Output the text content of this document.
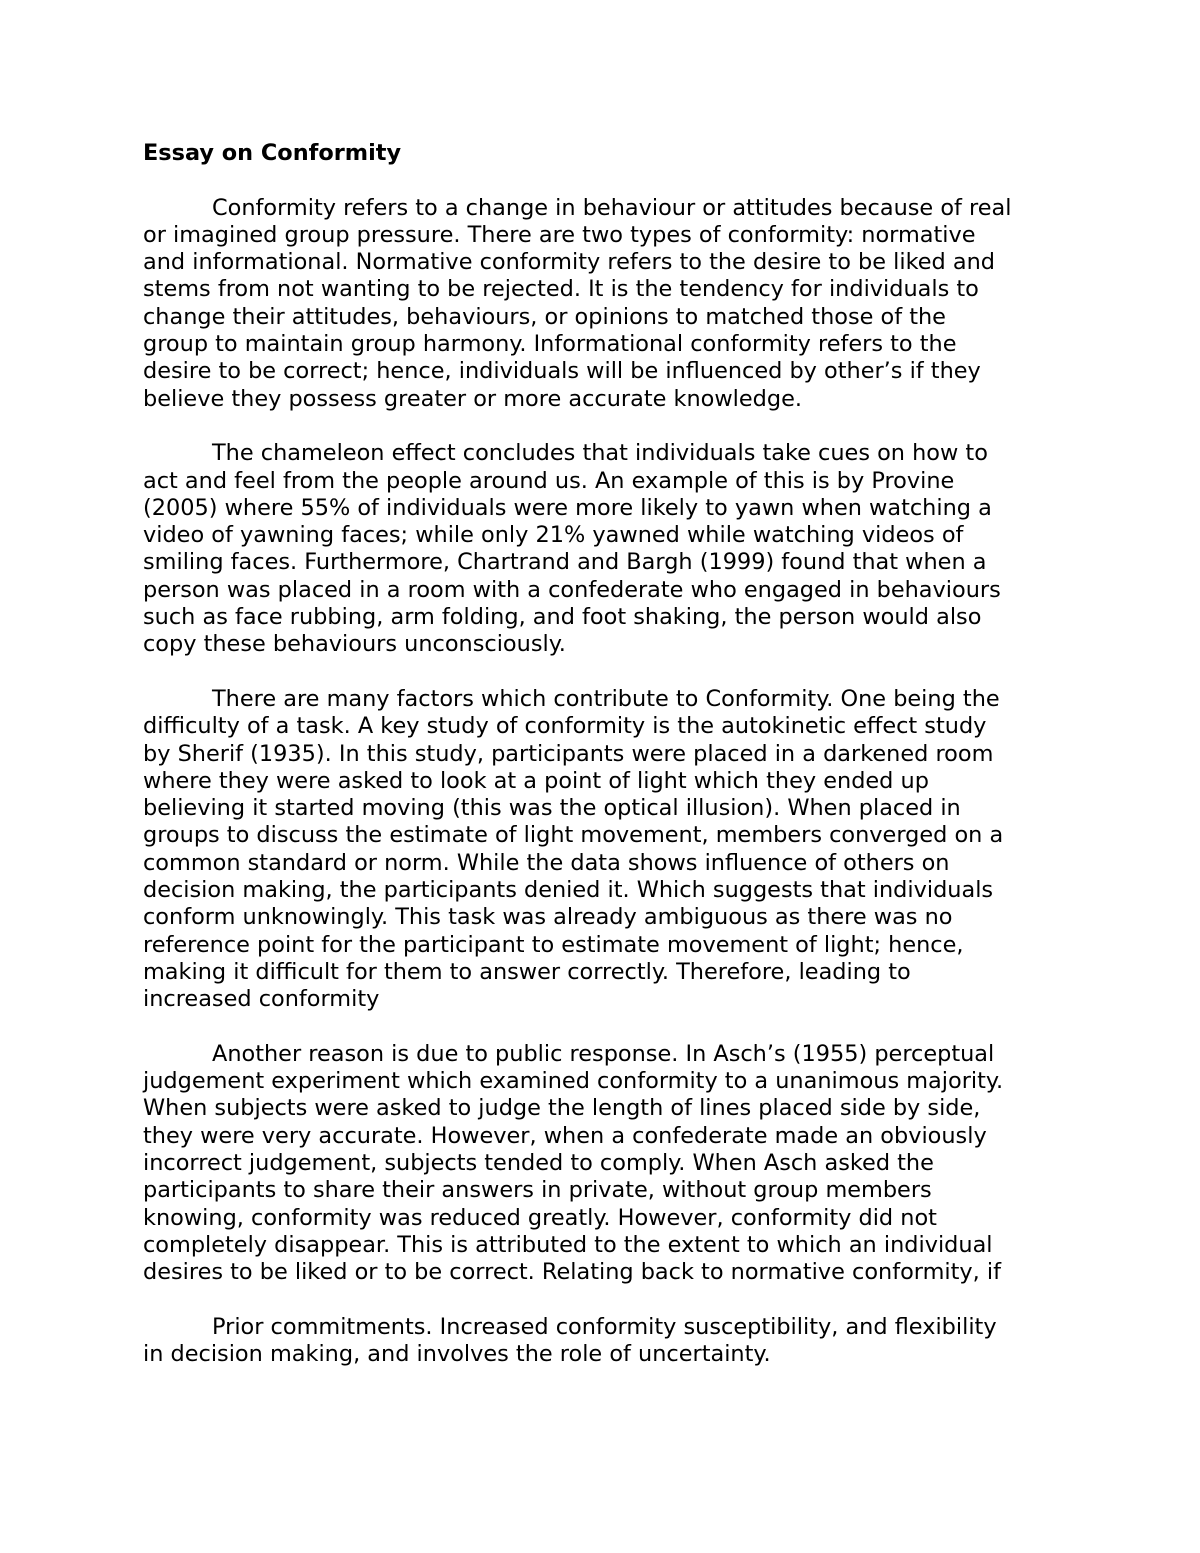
Essay on Conformity
Conformity refers to a change in behaviour or attitudes because of real
or imagined group pressure. There are two types of conformity: normative
and informational. Normative conformity refers to the desire to be liked and
stems from not wanting to be rejected. It is the tendency for individuals to
change their attitudes, behaviours, or opinions to matched those of the
group to maintain group harmony. Informational conformity refers to the
desire to be correct; hence, individuals will be influenced by other’s if they
believe they possess greater or more accurate knowledge.
The chameleon effect concludes that individuals take cues on how to
act and feel from the people around us. An example of this is by Provine
(2005) where 55% of individuals were more likely to yawn when watching a
video of yawning faces; while only 21% yawned while watching videos of
smiling faces. Furthermore, Chartrand and Bargh (1999) found that when a
person was placed in a room with a confederate who engaged in behaviours
such as face rubbing, arm folding, and foot shaking, the person would also
copy these behaviours unconsciously.
There are many factors which contribute to Conformity. One being the
difficulty of a task. A key study of conformity is the autokinetic effect study
by Sherif (1935). In this study, participants were placed in a darkened room
where they were asked to look at a point of light which they ended up
believing it started moving (this was the optical illusion). When placed in
groups to discuss the estimate of light movement, members converged on a
common standard or norm. While the data shows influence of others on
decision making, the participants denied it. Which suggests that individuals
conform unknowingly. This task was already ambiguous as there was no
reference point for the participant to estimate movement of light; hence,
making it difficult for them to answer correctly. Therefore, leading to
increased conformity
Another reason is due to public response. In Asch’s (1955) perceptual
judgement experiment which examined conformity to a unanimous majority.
When subjects were asked to judge the length of lines placed side by side,
they were very accurate. However, when a confederate made an obviously
incorrect judgement, subjects tended to comply. When Asch asked the
participants to share their answers in private, without group members
knowing, conformity was reduced greatly. However, conformity did not
completely disappear. This is attributed to the extent to which an individual
desires to be liked or to be correct. Relating back to normative conformity, if
Prior commitments. Increased conformity susceptibility, and flexibility
in decision making, and involves the role of uncertainty.
